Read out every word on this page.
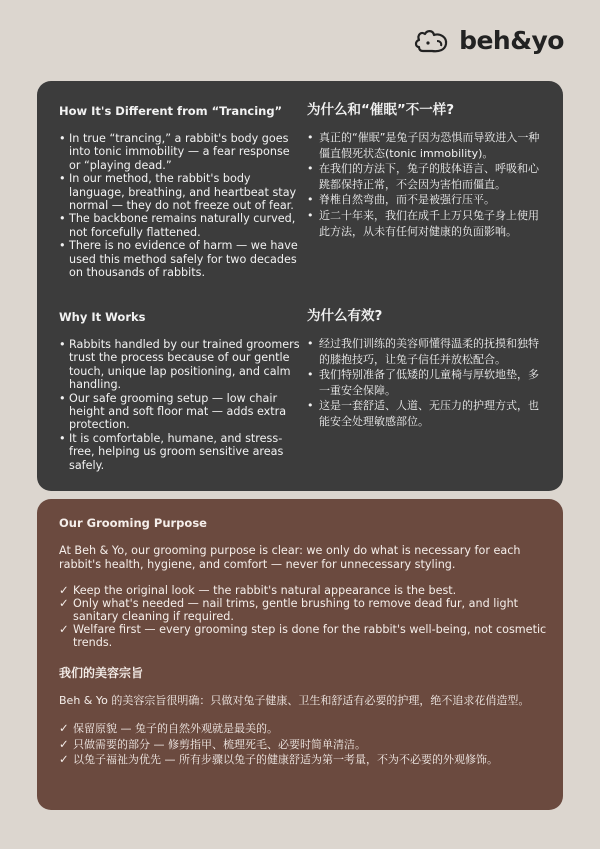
beh&yo
How It's Different from “Trancing”
• In true “trancing,” a rabbit's body goes into tonic immobility — a fear response or “playing dead.”
• In our method, the rabbit's body language, breathing, and heartbeat stay normal — they do not freeze out of fear.
• The backbone remains naturally curved, not forcefully flattened.
• There is no evidence of harm — we have used this method safely for two decades on thousands of rabbits.
为什么和“催眠”不一样?
• 真正的“催眠”是兔子因为恐惧而导致进入一种僵直假死状态(tonic immobility)。
• 在我们的方法下，兔子的肢体语言、呼吸和心跳都保持正常，不会因为害怕而僵直。
• 脊椎自然弯曲，而不是被强行压平。
• 近二十年来，我们在成千上万只兔子身上使用此方法，从未有任何对健康的负面影响。
Why It Works
• Rabbits handled by our trained groomers trust the process because of our gentle touch, unique lap positioning, and calm handling.
• Our safe grooming setup — low chair height and soft floor mat — adds extra protection.
• It is comfortable, humane, and stress-free, helping us groom sensitive areas safely.
为什么有效?
• 经过我们训练的美容师懂得温柔的抚摸和独特的膝抱技巧，让兔子信任并放松配合。
• 我们特别准备了低矮的儿童椅与厚软地垫，多一重安全保障。
• 这是一套舒适、人道、无压力的护理方式，也能安全处理敏感部位。
Our Grooming Purpose

At Beh & Yo, our grooming purpose is clear: we only do what is necessary for each rabbit's health, hygiene, and comfort — never for unnecessary styling.

✓ Keep the original look — the rabbit's natural appearance is the best.
✓ Only what's needed — nail trims, gentle brushing to remove dead fur, and light sanitary cleaning if required.
✓ Welfare first — every grooming step is done for the rabbit's well-being, not cosmetic trends.
我们的美容宗旨

Beh & Yo 的美容宗旨很明确：只做对兔子健康、卫生和舒适有必要的护理，绝不追求花俏造型。

✓ 保留原貌 — 兔子的自然外观就是最美的。
✓ 只做需要的部分 — 修剪指甲、梳理死毛、必要时简单清洁。
✓ 以兔子福祉为优先 — 所有步骤以兔子的健康舒适为第一考量，不为不必要的外观修饰。
